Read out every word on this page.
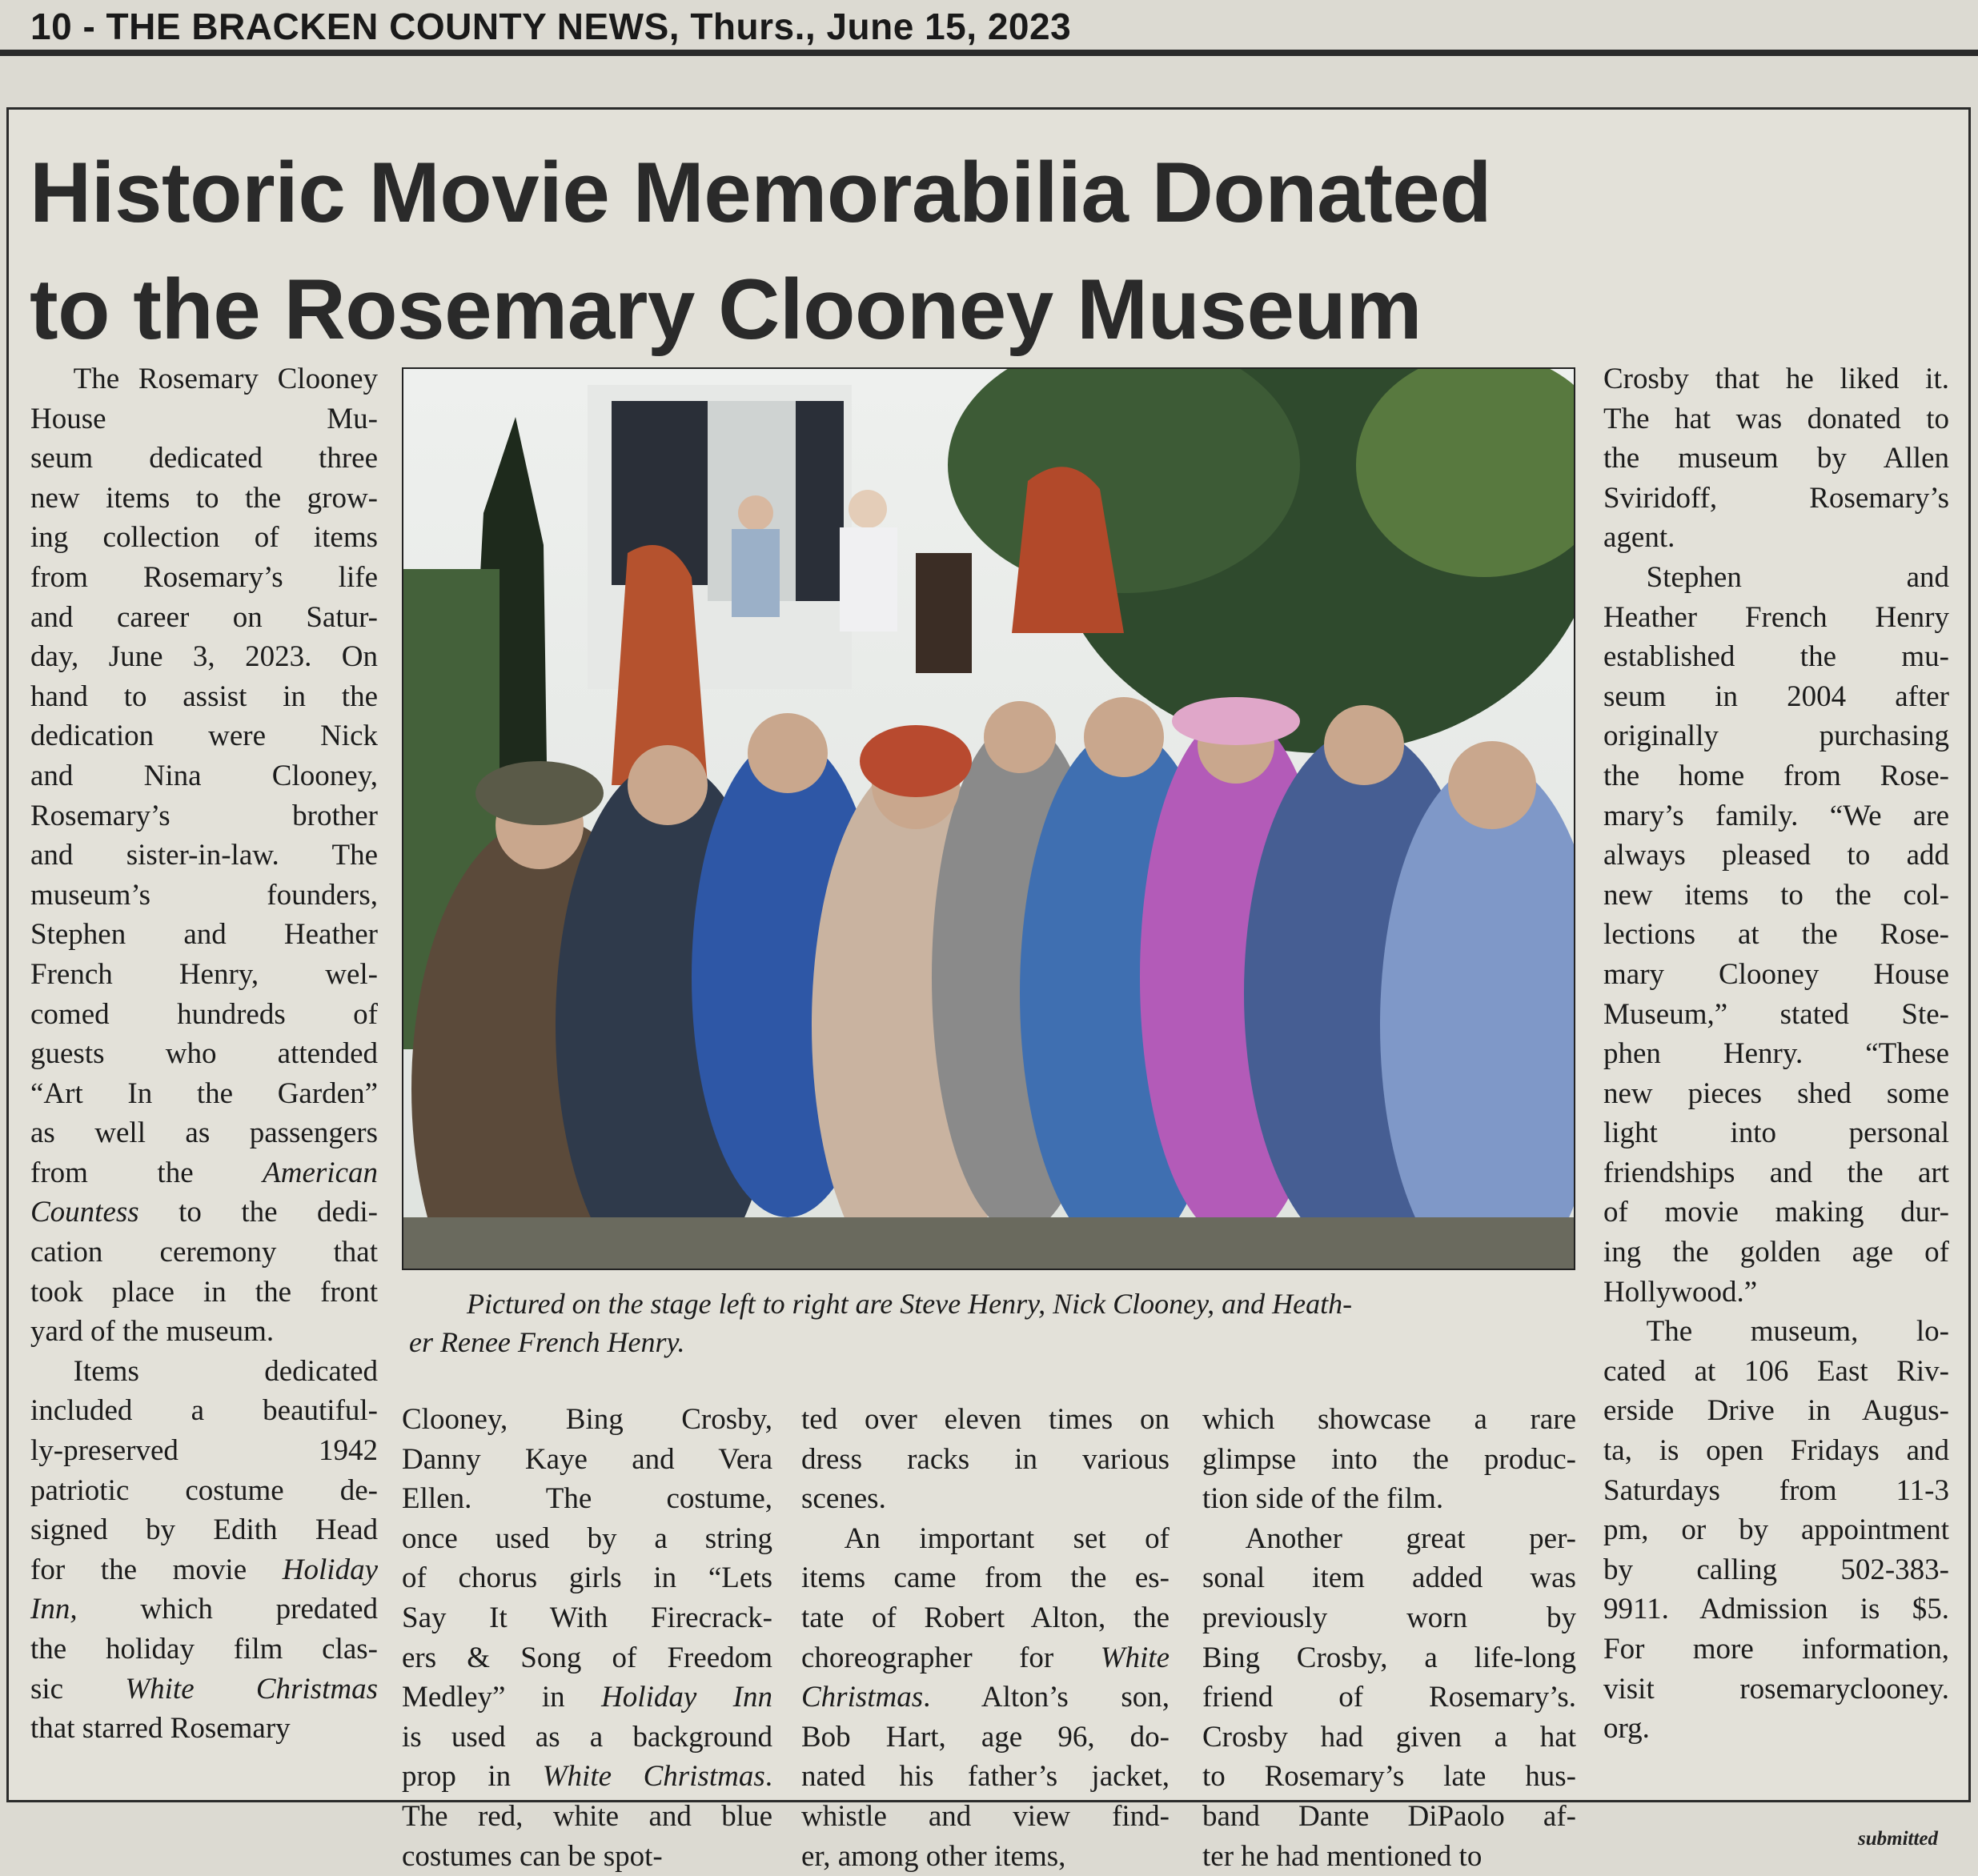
10 - THE BRACKEN COUNTY NEWS, Thurs., June 15, 2023
Historic Movie Memorabilia Donated
to the Rosemary Clooney Museum
The Rosemary Clooney House Mu-
seum dedicated three
new items to the grow-
ing collection of items
from Rosemary’s life
and career on Satur-
day, June 3, 2023. On
hand to assist in the
dedication were Nick
and Nina Clooney,
Rosemary’s brother
and sister-in-law. The
museum’s founders,
Stephen and Heather
French Henry, wel-
comed hundreds of
guests who attended
“Art In the Garden”
as well as passengers
from the American
Countess to the dedi-
cation ceremony that
took place in the front
yard of the museum.
Items dedicated
included a beautiful-
ly-preserved 1942
patriotic costume de-
signed by Edith Head
for the movie Holiday
Inn, which predated
the holiday film clas-
sic White Christmas
that starred Rosemary
Pictured on the stage left to right are Steve Henry, Nick Clooney, and Heath-
er Renee French Henry.
Clooney, Bing Crosby,
Danny Kaye and Vera
Ellen. The costume,
once used by a string
of chorus girls in “Lets
Say It With Firecrack-
ers & Song of Freedom
Medley” in Holiday Inn
is used as a background
prop in White Christmas.
The red, white and blue
costumes can be spot-
ted over eleven times on
dress racks in various
scenes.
An important set of
items came from the es-
tate of Robert Alton, the
choreographer for White
Christmas. Alton’s son,
Bob Hart, age 96, do-
nated his father’s jacket,
whistle and view find-
er, among other items,
which showcase a rare
glimpse into the produc-
tion side of the film.
Another great per-
sonal item added was
previously worn by
Bing Crosby, a life-long
friend of Rosemary’s.
Crosby had given a hat
to Rosemary’s late hus-
band Dante DiPaolo af-
ter he had mentioned to
Crosby that he liked it.
The hat was donated to
the museum by Allen
Sviridoff, Rosemary’s
agent.
Stephen and
Heather French Henry
established the mu-
seum in 2004 after
originally purchasing
the home from Rose-
mary’s family. “We are
always pleased to add
new items to the col-
lections at the Rose-
mary Clooney House
Museum,” stated Ste-
phen Henry. “These
new pieces shed some
light into personal
friendships and the art
of movie making dur-
ing the golden age of
Hollywood.”
The museum, lo-
cated at 106 East Riv-
erside Drive in Augus-
ta, is open Fridays and
Saturdays from 11-3
pm, or by appointment
by calling 502-383-
9911. Admission is $5.
For more information,
visit rosemaryclooney.
org.
submitted
